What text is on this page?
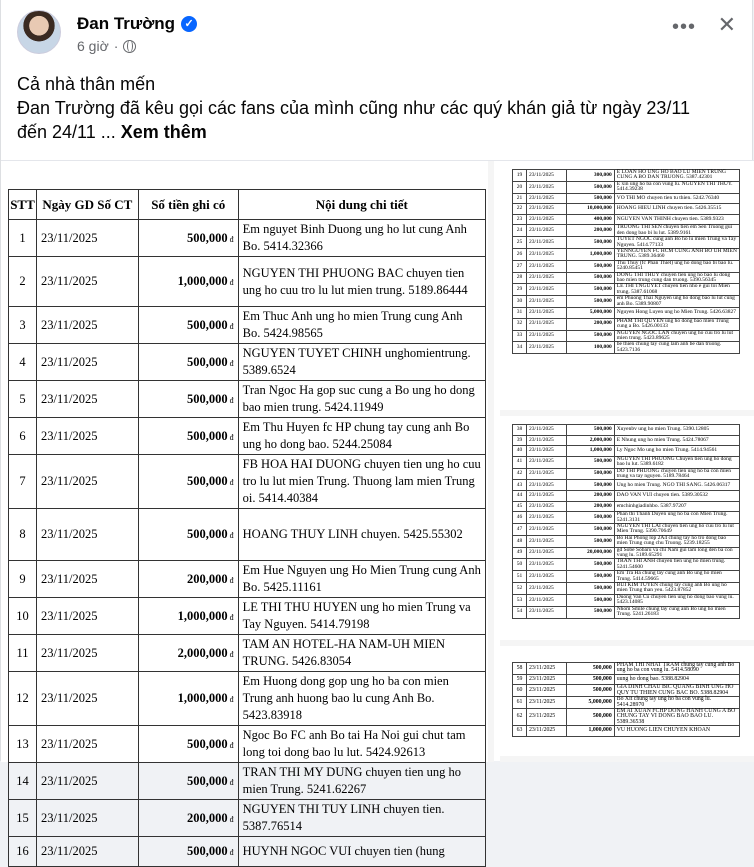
Đan Trường ✓
6 giờ ·
••• ✕

Cả nhà thân mến

Đan Trường đã kêu gọi các fans của mình cũng như các quý khán giả từ ngày 23/11

đến 24/11 ... Xem thêm

STT	Ngày GD Số CT	Số tiền ghi có	Nội dung chi tiết
1	23/11/2025	500,000 đ	Em nguyet Binh Duong ung ho lut cung Anh Bo. 5414.32366
2	23/11/2025	1,000,000 đ	NGUYEN THI PHUONG BAC chuyen tien ung ho cuu tro lu lut mien trung. 5189.86444
3	23/11/2025	500,000 đ	Em Thuc Anh ung ho mien Trung cung Anh Bo. 5424.98565
4	23/11/2025	500,000 đ	NGUYEN TUYET CHINH unghomientrung. 5389.6524
5	23/11/2025	500,000 đ	Tran Ngoc Ha gop suc cung a Bo ung ho dong bao mien trung. 5424.11949
6	23/11/2025	500,000 đ	Em Thu Huyen fc HP chung tay cung anh Bo ung ho dong bao. 5244.25084
7	23/11/2025	500,000 đ	FB HOA HAI DUONG chuyen tien ung ho cuu tro lu lut mien Trung. Thuong lam mien Trung oi. 5414.40384
8	23/11/2025	500,000 đ	HOANG THUY LINH chuyen. 5425.55302
9	23/11/2025	200,000 đ	Em Hue Nguyen ung Ho Mien Trung cung Anh Bo. 5425.11161
10	23/11/2025	1,000,000 đ	LE THI THU HUYEN ung ho mien Trung va Tay Nguyen. 5414.79198
11	23/11/2025	2,000,000 đ	TAM AN HOTEL-HA NAM-UH MIEN TRUNG. 5426.83054
12	23/11/2025	1,000,000 đ	Em Huong dong gop ung ho ba con mien Trung anh huong bao lu cung Anh Bo. 5423.83918
13	23/11/2025	500,000 đ	Ngoc Bo FC anh Bo tai Ha Noi gui chut tam long toi dong bao lu lut. 5424.92613
14	23/11/2025	500,000 đ	TRAN THI MY DUNG chuyen tien ung ho mien Trung. 5241.62267
15	23/11/2025	200,000 đ	NGUYEN THI TUY LINH chuyen tien. 5387.76514
16	23/11/2025	500,000 đ	HUYNH NGOC VUI chuyen tien (hung
19	23/11/2025	300,000	E LOAN HO UNG HO BAO LU MIEN TRUNG CUNG A BO DAN TRUONG. 5387.42301
20	23/11/2025	500,000	E xin ung ho ba con vung lu. NGUYEN THI THUY. 5414.39238
21	23/11/2025	500,000	VO THI MO chuyen tien tu thien. 5242.76340
22	23/11/2025	10,000,000	HOANG HIEU LINH chuyen tien. 5426.35515
23	23/11/2025	400,000	NGUYEN VAN THINH chuyen tien. 5389.9323
24	23/11/2025	200,000	TRUONG THI SEN chuyen tien em Sen Truong gui den dong bao bi lu lut. 5389.9161
25	23/11/2025	500,000	TUYET NGOC cung anh Bo ho lu mien Trung va Tay Nguyen. 5414.77133
26	23/11/2025	1,000,000	YENNGUYEN FC HCM CUNG ANH BO UH MIEN TRUNG. 5389.36460
27	23/11/2025	500,000	Thu Thuy (fc Phan Thiet) ung ho dong bao bi bao lu. 5240.85451
28	23/11/2025	500,000	DONG THI THUY chuyen tien ung ho bao lu dong bao mien trung cung dan truong. 5390.56345
29	23/11/2025	500,000	LE THI TNGUYET chuyen tien nho e gui toi Mien trung. 5387.61068
30	23/11/2025	500,000	em Phuong Thai Nguyen ung ho dong bao lu lut cung anh Bo. 5389.90807
31	23/11/2025	5,000,000	Nguyen Hong Luyen ung ho Mien Trung. 5426.63827
32	23/11/2025	200,000	PHAM THI QUYEN ung ho dong bao mien Trung cung a Bo. 5426.00133
33	23/11/2025	500,000	NGUYEN NGOC LAN chuyen ung ho cuu tro lu lut mien trung. 5423.89625
34	23/11/2025	100,000	be thien chung tay cung lam anh be dan truong. 5423.7136
38	23/11/2025	500,000	Xuyenbv ung ho mien Trung. 5390.12805
39	23/11/2025	2,000,000	E Nhung ung ho mien Trung. 5424.78067
40	23/11/2025	1,000,000	Ly Ngoc Mo ung ho mien Trung. 5414.94561
41	23/11/2025	500,000	NGUYEN THI PHUONG Chuyen tien ung ho dong bao lu lut. 5389.6182
42	23/11/2025	500,000	DO THI PHUONG chuyen tien ung ho ba con mien trung va tay nguyen. 5189.78464
43	23/11/2025	500,000	Ung ho mien Trung. NGO THI SANG. 5426.06317
44	23/11/2025	200,000	DAO VAN VUI chuyen tien. 5389.30532
45	23/11/2025	200,000	emchinhgiadinhbo. 5387.97207
46	23/11/2025	500,000	Phan thi Thanh Duyen ung ho ba con Mien Trung. 5241.3131
47	23/11/2025	500,000	NGUYEN THI LAI chuyen tien ung ho cuu tro lu lut Mien Trung. 5390.70649
48	23/11/2025	500,000	Bo Hai Phong lop 2A4 chung tay ho tro dong bao mien Trung cung chu Truong. 5239.18255
49	23/11/2025	20,000,000	gd Sobe Sobaru va chi Nam gui tam long den ba con vung lu. 5189.65291
50	23/11/2025	500,000	TRAN THI ANH chuyen tien ung ho mien trung. 5241.54600
51	23/11/2025	500,000	Em Tra Ha chung tay cung anh Bo ung ho mien Trung. 5414.59665
52	23/11/2025	500,000	BUI KIM TUYEN chung tay cung anh Bo ung ho mien Trung than yeu. 5423.87852
53	23/11/2025	500,000	Duong Van Cu chuyen tien ung ho dong bao vung lu. 5423.14085
54	23/11/2025	500,000	Nhom Smile chung tay cung anh Bo ung ho mien Trung. 5241.26183
58	23/11/2025	500,000	PHAM THI NHAT TRAM chung tay cung anh Bo ung ho ba con vung lu. 5414.58090
59	23/11/2025	500,000	uung ho dong bao. 5388.82904
60	23/11/2025	500,000	GIA DINH CHAU BIC QUANG BINH UNG HO QUY TU THIEN CUNG BAC BO. 5388.82904
61	23/11/2025	5,000,000	Bo Xit chung tay ung ho ba con vung lu. 5414.28970
62	23/11/2025	500,000	EM AI XUAN FCHP DONG HANH CUNG A BO CHUNG TAY VI DONG BAO BAO LU. 5389.36538
63	23/11/2025	1,000,000	VU HUONG LIEN CHUYEN KHOAN
